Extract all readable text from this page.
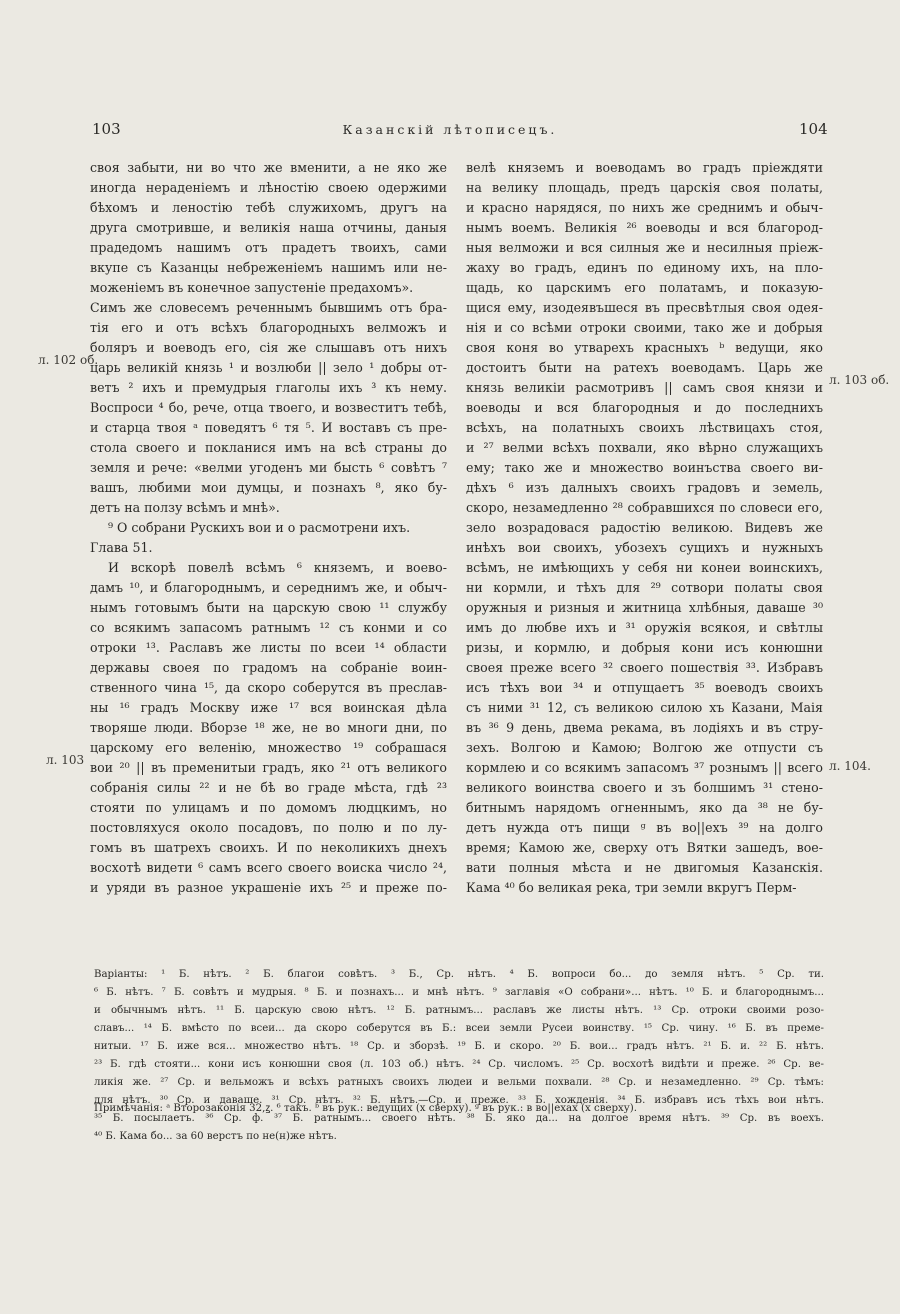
103	Казанскій лѣтописецъ.	104
своя забыти, ни во что же вменити, а не яко же
иногда нераденіемъ и лѣностію своею одержими
бѣхомъ и леностію тебѣ служихомъ, другъ на
друга смотривше, и великія наша отчины, даныя
прадедомъ нашимъ отъ прадетъ твоихъ, сами
вкупе съ Казанцы небреженіемъ нашимъ или не-
моженіемъ въ конечное запустеніе предахомъ».
Симъ же словесемъ реченнымъ бывшимъ отъ бра-
тія его и отъ всѣхъ благородныхъ велможъ и
боляръ и воеводъ его, сія же слышавъ отъ нихъ
царь великій князь ¹ и возлюби || зело ¹ добры от-
ветъ ² ихъ и премудрыя глаголы ихъ ³ къ нему.
Воспроси ⁴ бо, рече, отца твоего, и возвеститъ тебѣ,
и старца твоя ᵃ поведятъ ⁶ тя ⁵. И воставъ съ пре-
стола своего и покланися имъ на всѣ страны до
земля и рече: «велми угоденъ ми бысть ⁶ совѣтъ ⁷
вашъ, любими мои думцы, и познахъ ⁸, яко бу-
детъ на ползу всѣмъ и мнѣ».
⁹ О собрани Рускихъ вои и о расмотрени ихъ.
Глава 51.
И вскорѣ повелѣ всѣмъ ⁶ княземъ, и воево-
дамъ ¹⁰, и благороднымъ, и середнимъ же, и обыч-
нымъ готовымъ быти на царскую свою ¹¹ службу
со всякимъ запасомъ ратнымъ ¹² съ конми и со
отроки ¹³. Раславъ же листы по всеи ¹⁴ области
державы своея по градомъ на собраніе воин-
ственного чина ¹⁵, да скоро соберутся въ преслав-
ны ¹⁶ градъ Москву иже ¹⁷ вся воинская дѣла
творяше люди. Вборзе ¹⁸ же, не во многи дни, по
царскому его веленію, множество ¹⁹ собрашася
вои ²⁰ || въ пременитыи градъ, яко ²¹ отъ великого
собранія силы ²² и не бѣ во граде мѣста, гдѣ ²³
стояти по улицамъ и по домомъ людцкимъ, но
постовляхуся около посадовъ, по полю и по лу-
гомъ въ шатрехъ своихъ. И по неколикихъ днехъ
восхотѣ видети ⁶ самъ всего своего воиска число ²⁴,
и уряди въ разное украшеніе ихъ ²⁵ и преже по-
велѣ княземъ и воеводамъ во градъ пріеждяти
на велику площадь, предъ царскія своя полаты,
и красно нарядяся, по нихъ же среднимъ и обыч-
нымъ воемъ. Великія ²⁶ воеводы и вся благород-
ныя велможи и вся силныя же и несилныя пріеж-
жаху во градъ, единъ по единому ихъ, на пло-
щадь, ко царскимъ его полатамъ, и показую-
щися ему, изодеявъшеся въ пресвѣтлыя своя одея-
нія и со всѣми отроки своими, тако же и добрыя
своя коня во утварехъ красныхъ ᵇ ведущи, яко
достоитъ быти на ратехъ воеводамъ. Царь же
князь великіи расмотривъ || самъ своя князи и
воеводы и вся благородныя и до последнихъ
всѣхъ, на полатныхъ своихъ лѣствицахъ стоя,
и ²⁷ велми всѣхъ похвали, яко вѣрно служащихъ
ему; тако же и множество воинъства своего ви-
дѣхъ ⁶ изъ далныхъ своихъ градовъ и земель,
скоро, незамедленно ²⁸ собравшихся по словеси его,
зело возрадовася радостію великою. Видевъ же
инѣхъ вои своихъ, убозехъ сущихъ и нужныхъ
всѣмъ, не имѣющихъ у себя ни конеи воинскихъ,
ни кормли, и тѣхъ для ²⁹ сотвори полаты своя
оружныя и ризныя и житница хлѣбныя, даваше ³⁰
имъ до любве ихъ и ³¹ оружія всякоя, и свѣтлы
ризы, и кормлю, и добрыя кони исъ конюшни
своея преже всего ³² своего пошествія ³³. Избравъ
исъ тѣхъ вои ³⁴ и отпущаетъ ³⁵ воеводъ своихъ
съ ними ³¹ 12, съ великою силою хъ Казани, Маія
въ ³⁶ 9 день, двема рекама, въ лодіяхъ и въ стру-
зехъ. Волгою и Камою; Волгою же отпусти съ
кормлею и со всякимъ запасомъ ³⁷ рознымъ || всего
великого воинства своего и зъ болшимъ ³¹ стено-
битнымъ нарядомъ огненнымъ, яко да ³⁸ не бу-
детъ нужда отъ пищи ᵍ въ во||ехъ ³⁹ на долго
время; Камою же, сверху отъ Вятки зашедъ, вое-
вати полныя мѣста и не двигомыя Казанскія.
Кама ⁴⁰ бо великая река, три земли вкругъ Перм-
л. 102 об.
л. 103
л. 103 об.
л. 104.
Варіанты: ¹ Б. нѣтъ. ² Б. благои совѣтъ. ³ Б., Ср. нѣтъ. ⁴ Б. вопроси бо... до земля нѣтъ. ⁵ Ср. ти.
⁶ Б. нѣтъ. ⁷ Б. совѣтъ и мудрыя. ⁸ Б. и познахъ... и мнѣ нѣтъ. ⁹ заглавія «О собрани»... нѣтъ. ¹⁰ Б. и благороднымъ...
и обычнымъ нѣтъ. ¹¹ Б. царскую свою нѣтъ. ¹² Б. ратнымъ... раславъ же листы нѣтъ. ¹³ Ср. отроки своими розо-
славъ... ¹⁴ Б. вмѣсто по всеи... да скоро соберутся въ Б.: всеи земли Русеи воинству. ¹⁵ Ср. чину. ¹⁶ Б. въ преме-
нитыи. ¹⁷ Б. иже вся... множество нѣтъ. ¹⁸ Ср. и зборзѣ. ¹⁹ Б. и скоро. ²⁰ Б. вои... градъ нѣтъ. ²¹ Б. и. ²² Б. нѣтъ.
²³ Б. гдѣ стояти... кони исъ конюшни своя (л. 103 об.) нѣтъ. ²⁴ Ср. числомъ. ²⁵ Ср. восхотѣ видѣти и преже. ²⁶ Ср. ве-
ликія же. ²⁷ Ср. и вельможъ и всѣхъ ратныхъ своихъ людеи и вельми похвали. ²⁸ Ср. и незамедленно. ²⁹ Ср. тѣмъ:
для нѣтъ. ³⁰ Ср. и даваше. ³¹ Ср. нѣтъ. ³² Б. нѣтъ.—Ср. и преже. ³³ Б. хожденія. ³⁴ Б. избравъ исъ тѣхъ вои нѣтъ.
³⁵ Б. посылаетъ. ³⁶ Ср. ф. ³⁷ Б. ратнымъ... своего нѣтъ. ³⁸ Б. яко да... на долгое время нѣтъ. ³⁹ Ср. въ воехъ.
⁴⁰ Б. Кама бо... за 60 верстъ по не(н)же нѣтъ.
Примѣчанія: ᵃ Второзаконія 32,ꙁ. ⁶ такъ. ᵇ въ рук.: ведущих (х сверху). ᵍ въ рук.: в во||ехах (х сверху).
